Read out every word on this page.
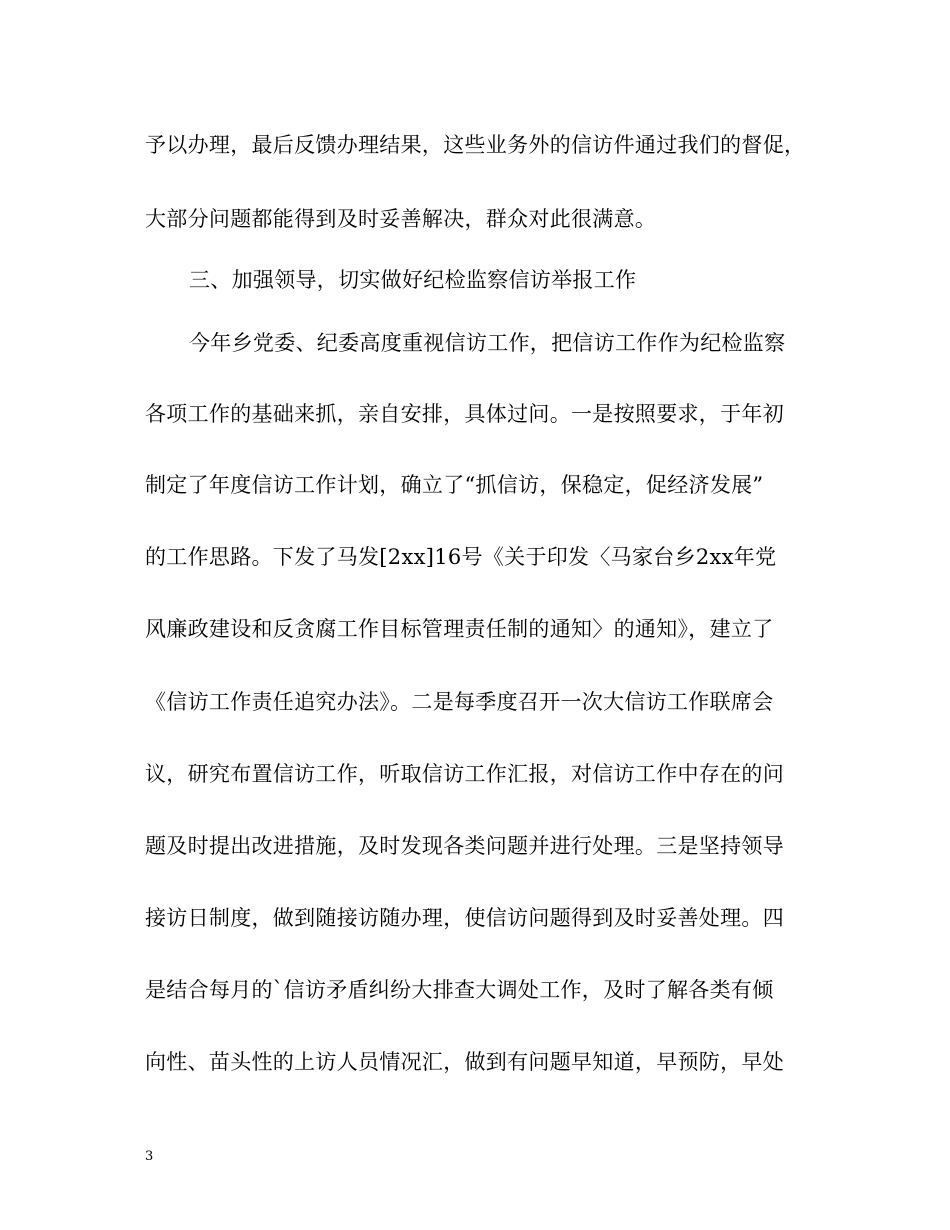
予以办理，最后反馈办理结果，这些业务外的信访件通过我们的督促，
大部分问题都能得到及时妥善解决，群众对此很满意。
三、加强领导，切实做好纪检监察信访举报工作
今年乡党委、纪委高度重视信访工作，把信访工作作为纪检监察
各项工作的基础来抓，亲自安排，具体过问。一是按照要求，于年初
制定了年度信访工作计划，确立了“抓信访，保稳定，促经济发展”
的工作思路。下发了马发[2xx]16号《关于印发〈马家台乡2xx年党
风廉政建设和反贪腐工作目标管理责任制的通知〉的通知》，建立了
《信访工作责任追究办法》。二是每季度召开一次大信访工作联席会
议，研究布置信访工作，听取信访工作汇报，对信访工作中存在的问
题及时提出改进措施，及时发现各类问题并进行处理。三是坚持领导
接访日制度，做到随接访随办理，使信访问题得到及时妥善处理。四
是结合每月的`信访矛盾纠纷大排查大调处工作，及时了解各类有倾
向性、苗头性的上访人员情况汇，做到有问题早知道，早预防，早处
3
